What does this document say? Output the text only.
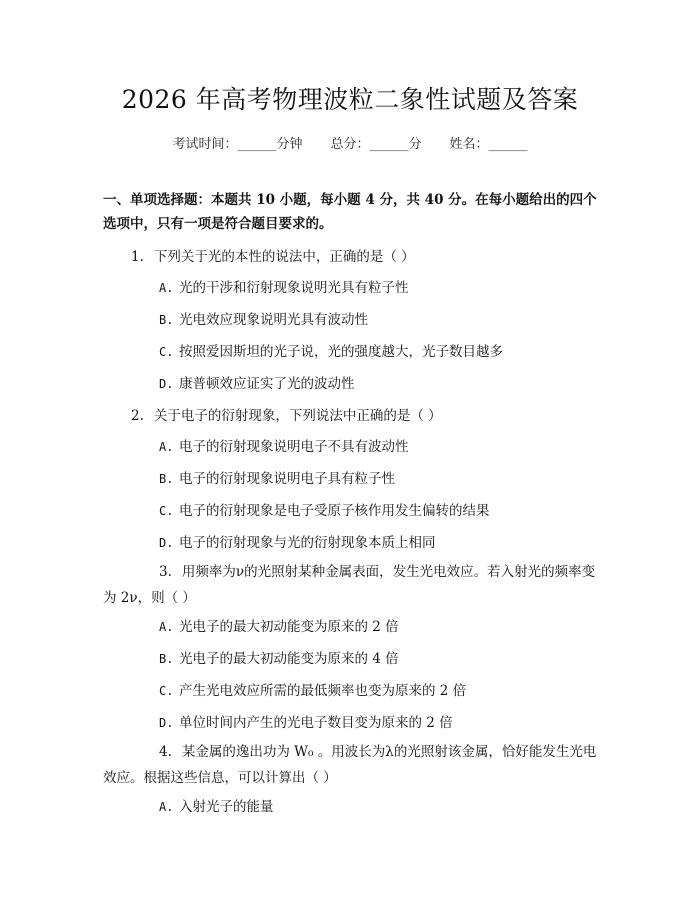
2026 年高考物理波粒二象性试题及答案
考试时间：______分钟 总分：______分 姓名：______
一、单项选择题：本题共 10 小题，每小题 4 分，共 40 分。在每小题给出的四个选项中，只有一项是符合题目要求的。
1. 下列关于光的本性的说法中，正确的是（ ）
A. 光的干涉和衍射现象说明光具有粒子性
B. 光电效应现象说明光具有波动性
C. 按照爱因斯坦的光子说，光的强度越大，光子数目越多
D. 康普顿效应证实了光的波动性
2. 关于电子的衍射现象，下列说法中正确的是（ ）
A. 电子的衍射现象说明电子不具有波动性
B. 电子的衍射现象说明电子具有粒子性
C. 电子的衍射现象是电子受原子核作用发生偏转的结果
D. 电子的衍射现象与光的衍射现象本质上相同
3. 用频率为ν的光照射某种金属表面，发生光电效应。若入射光的频率变为 2ν，则（ ）
A. 光电子的最大初动能变为原来的 2 倍
B. 光电子的最大初动能变为原来的 4 倍
C. 产生光电效应所需的最低频率也变为原来的 2 倍
D. 单位时间内产生的光电子数目变为原来的 2 倍
4. 某金属的逸出功为 W₀ 。用波长为λ的光照射该金属，恰好能发生光电效应。根据这些信息，可以计算出（ ）
A. 入射光子的能量
